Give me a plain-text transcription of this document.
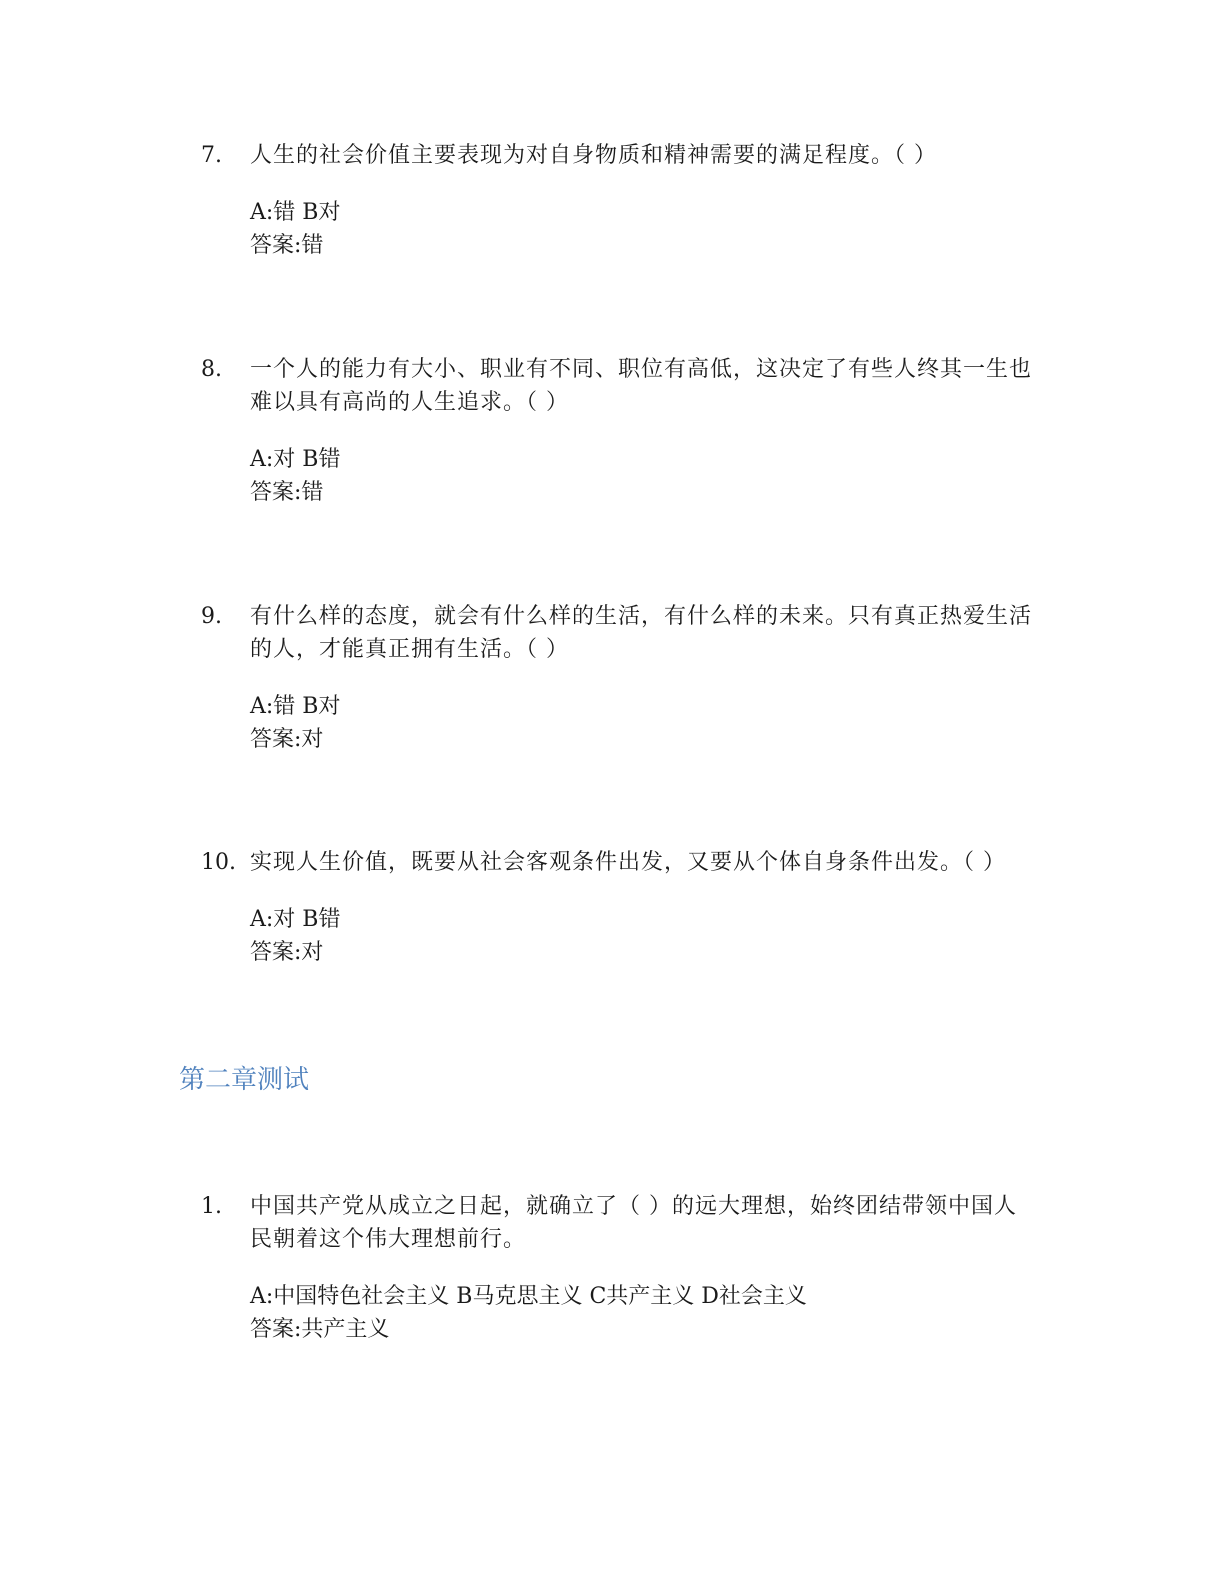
7. 人生的社会价值主要表现为对自身物质和精神需要的满足程度。（ ）
A:错 B对
答案:错
8. 一个人的能力有大小、职业有不同、职位有高低，这决定了有些人终其一生也难以具有高尚的人生追求。（ ）
A:对 B错
答案:错
9. 有什么样的态度，就会有什么样的生活，有什么样的未来。只有真正热爱生活的人，才能真正拥有生活。（ ）
A:错 B对
答案:对
10. 实现人生价值，既要从社会客观条件出发，又要从个体自身条件出发。（ ）
A:对 B错
答案:对
第二章测试
1. 中国共产党从成立之日起，就确立了（ ）的远大理想，始终团结带领中国人民朝着这个伟大理想前行。
A:中国特色社会主义 B马克思主义 C共产主义 D社会主义
答案:共产主义
